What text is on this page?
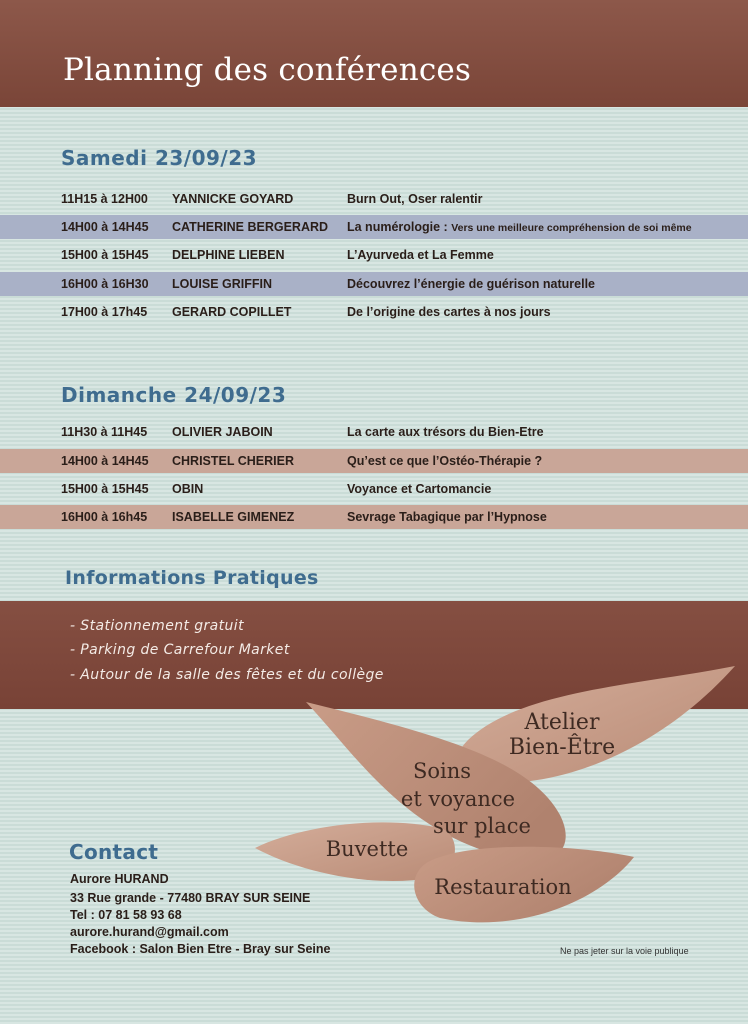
Planning des conférences
Samedi 23/09/23
11H15 à 12H00 YANNICKE GOYARD	Burn Out, Oser ralentir
14H00 à 14H45 CATHERINE BERGERARD La numérologie : Vers une meilleure compréhension de soi même
15H00 à 15H45 DELPHINE LIEBEN	L’Ayurveda et La Femme
16H00 à 16H30 LOUISE GRIFFIN	Découvrez l’énergie de guérison naturelle
17H00 à 17h45 GERARD COPILLET	De l’origine des cartes à nos jours
Dimanche 24/09/23
11H30 à 11H45 OLIVIER JABOIN	La carte aux trésors du Bien-Etre
14H00 à 14H45 CHRISTEL CHERIER	Qu’est ce que l’Ostéo-Thérapie ?
15H00 à 15H45 OBIN	Voyance et Cartomancie
16H00 à 16h45 ISABELLE GIMENEZ	Sevrage Tabagique par l’Hypnose
Informations Pratiques

- Stationnement gratuit

- Parking de Carrefour Market

- Autour de la salle des fêtes et du collège

Atelier
Bien-Être
Soins
et voyance
sur place
Buvette
Restauration
Contact

Aurore HURAND

33 Rue grande - 77480 BRAY SUR SEINE

Tel : 07 81 58 93 68

aurore.hurand@gmail.com

Facebook : Salon Bien Etre - Bray sur Seine	Ne pas jeter sur la voie publique
